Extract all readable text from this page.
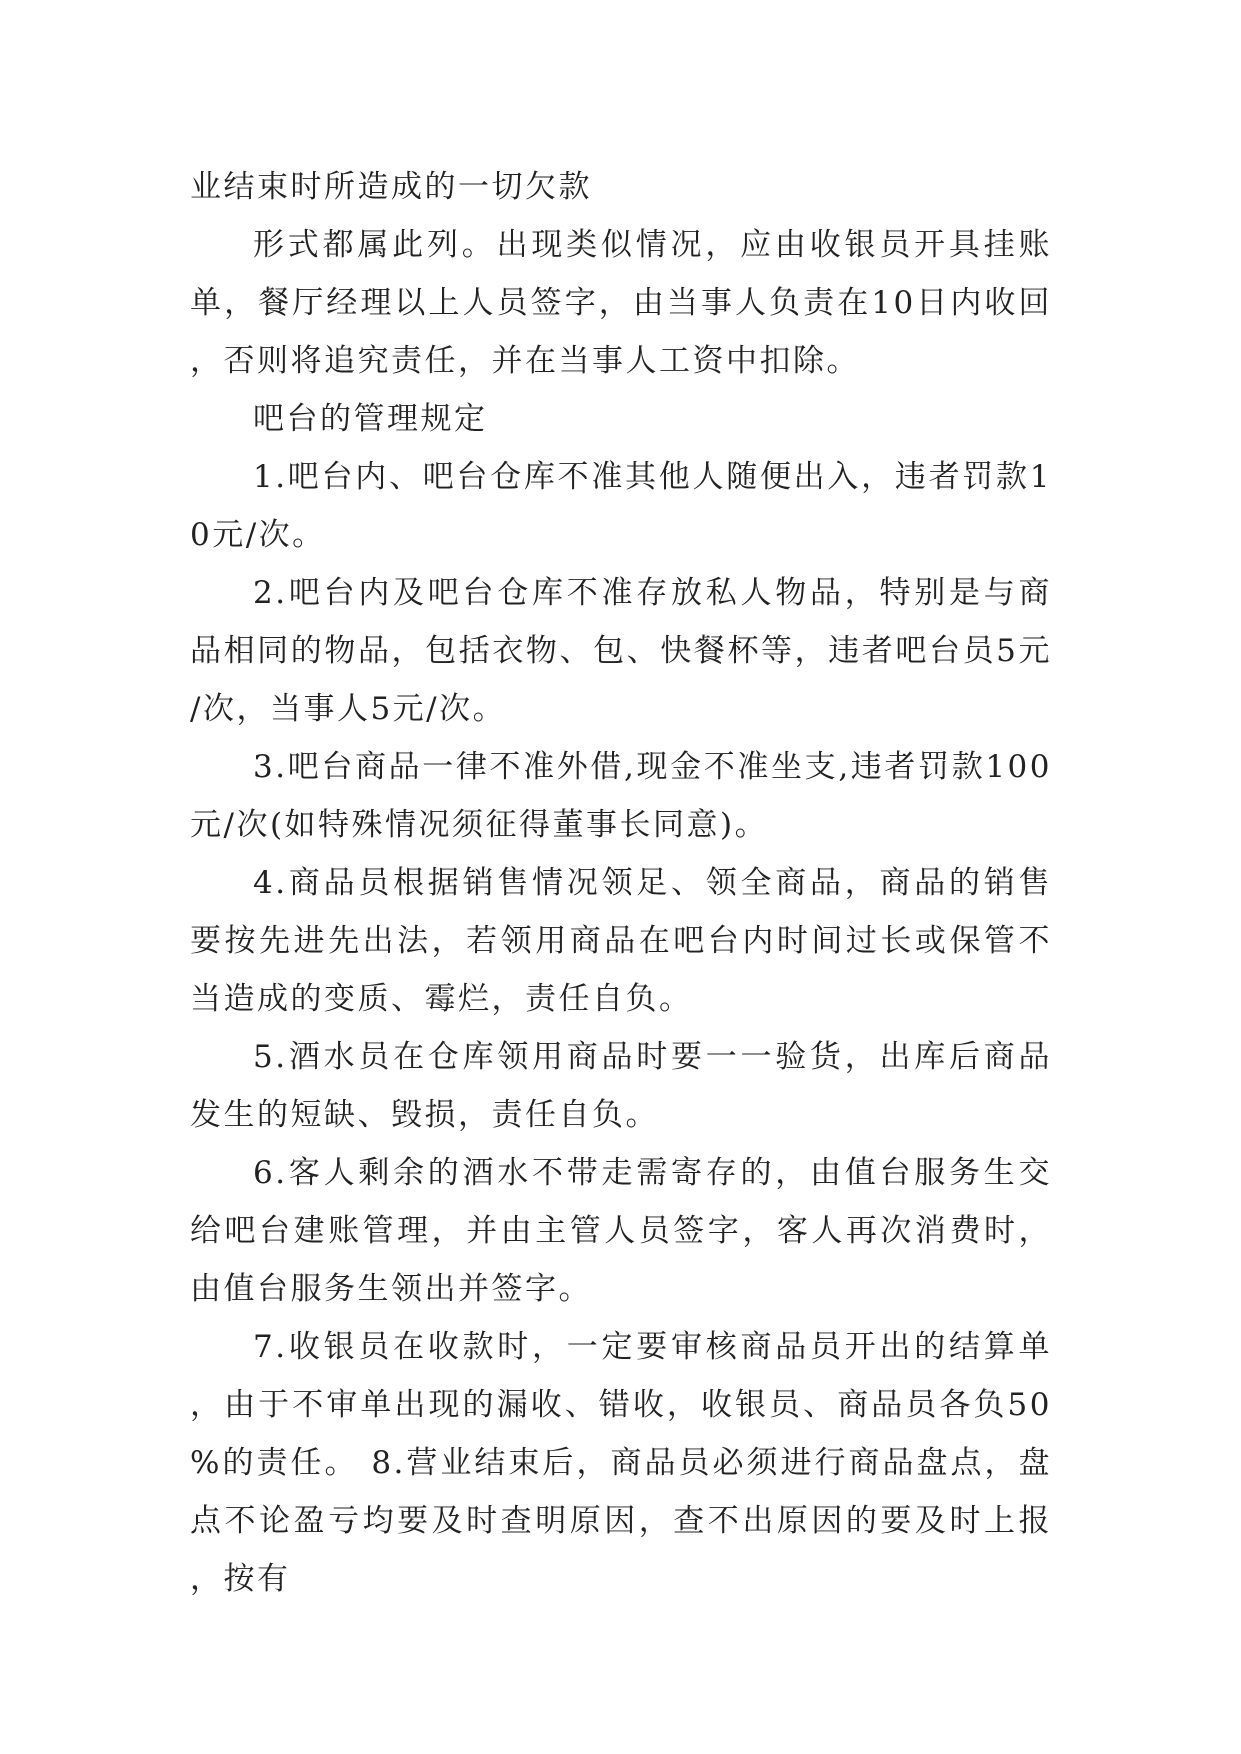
业结束时所造成的一切欠款

形式都属此列。出现类似情况，应由收银员开具挂账单，餐厅经理以上人员签字，由当事人负责在10日内收回，否则将追究责任，并在当事人工资中扣除。

吧台的管理规定

1.吧台内、吧台仓库不准其他人随便出入，违者罚款10元/次。

2.吧台内及吧台仓库不准存放私人物品，特别是与商品相同的物品，包括衣物、包、快餐杯等，违者吧台员5元/次，当事人5元/次。

3.吧台商品一律不准外借,现金不准坐支,违者罚款100元/次(如特殊情况须征得董事长同意)。

4.商品员根据销售情况领足、领全商品，商品的销售要按先进先出法，若领用商品在吧台内时间过长或保管不当造成的变质、霉烂，责任自负。

5.酒水员在仓库领用商品时要一一验货，出库后商品发生的短缺、毁损，责任自负。

6.客人剩余的酒水不带走需寄存的，由值台服务生交给吧台建账管理，并由主管人员签字，客人再次消费时，由值台服务生领出并签字。

7.收银员在收款时，一定要审核商品员开出的结算单，由于不审单出现的漏收、错收，收银员、商品员各负50%的责任。 8.营业结束后，商品员必须进行商品盘点，盘点不论盈亏均要及时查明原因，查不出原因的要及时上报，按有
